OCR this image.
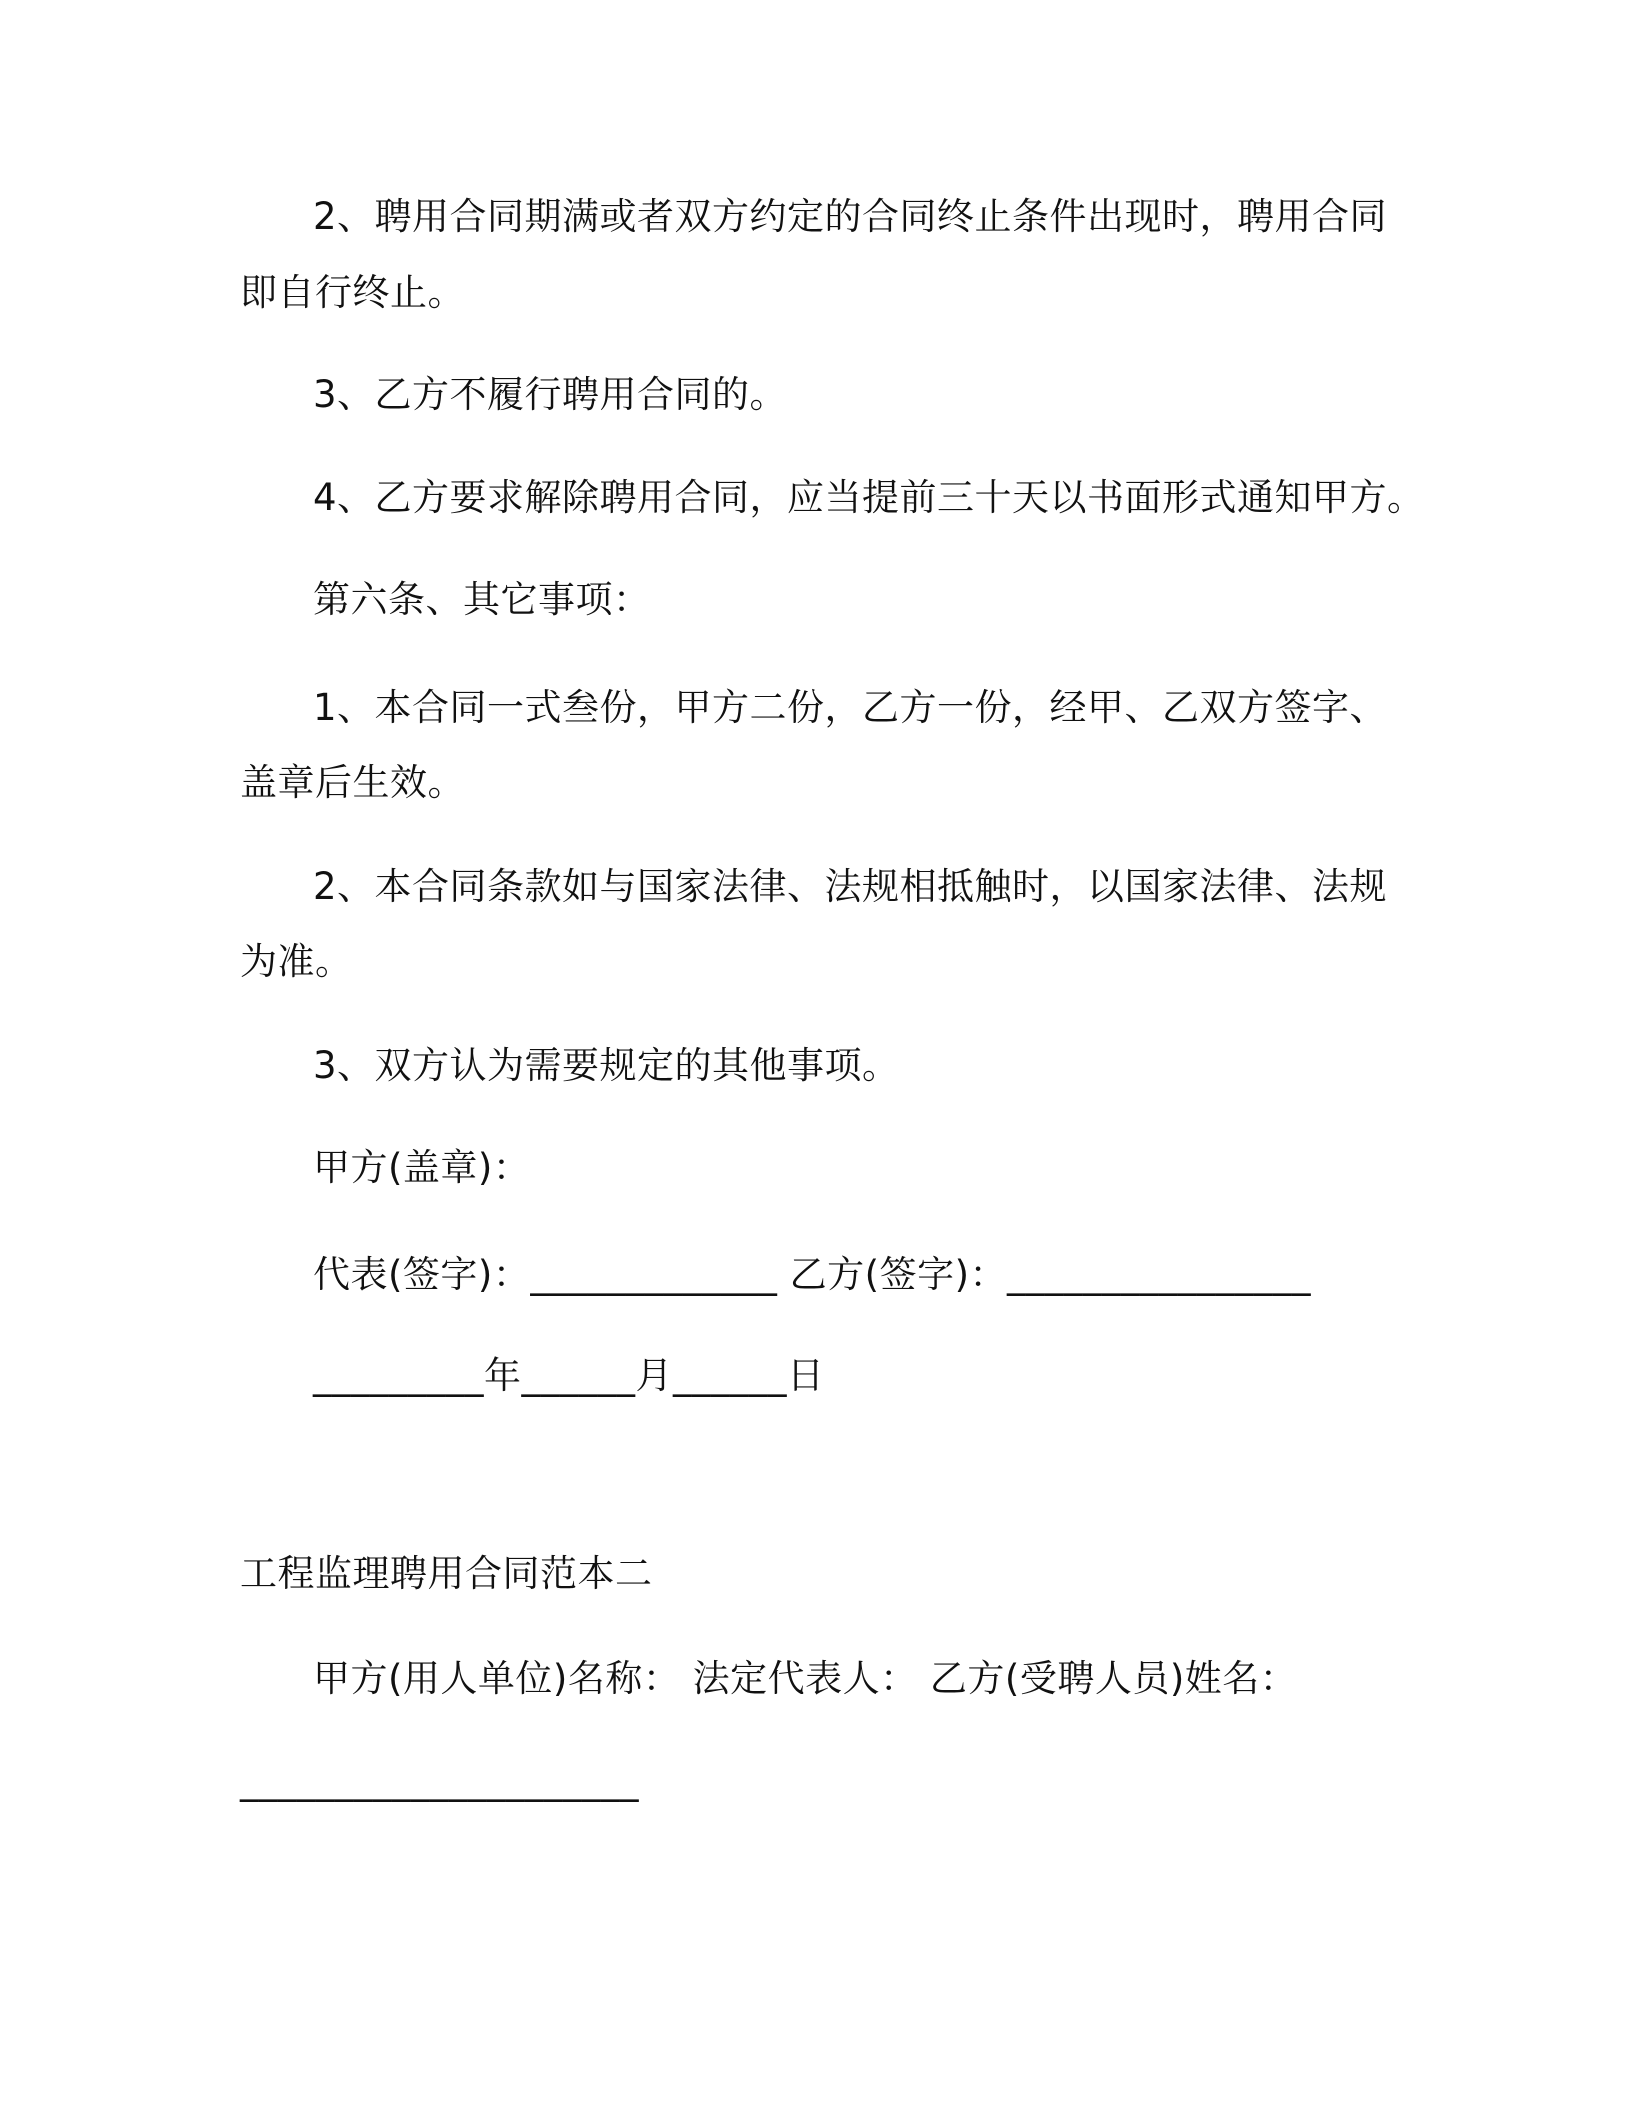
2、聘用合同期满或者双方约定的合同终止条件出现时，聘用合同

即自行终止。

3、乙方不履行聘用合同的。

4、乙方要求解除聘用合同，应当提前三十天以书面形式通知甲方。

第六条、其它事项：

1、本合同一式叁份，甲方二份，乙方一份，经甲、乙双方签字、

盖章后生效。

2、本合同条款如与国家法律、法规相抵触时，以国家法律、法规

为准。

3、双方认为需要规定的其他事项。

甲方(盖章)：

代表(签字)：_____________ 乙方(签字)：________________

_________年______月______日

工程监理聘用合同范本二

甲方(用人单位)名称： 法定代表人： 乙方(受聘人员)姓名：

_____________________
